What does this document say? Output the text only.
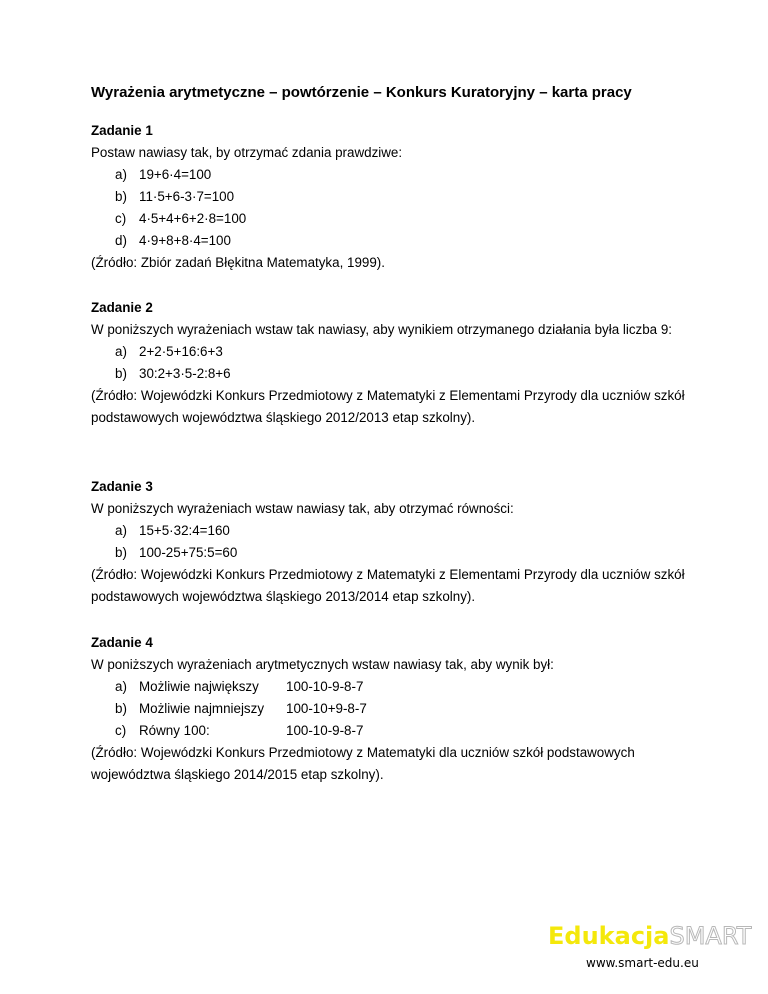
Wyrażenia arytmetyczne – powtórzenie – Konkurs Kuratoryjny – karta pracy
Zadanie 1
Postaw nawiasy tak, by otrzymać zdania prawdziwe:
a) 19+6·4=100
b) 11·5+6-3·7=100
c) 4·5+4+6+2·8=100
d) 4·9+8+8·4=100
(Źródło: Zbiór zadań Błękitna Matematyka, 1999).
Zadanie 2
W poniższych wyrażeniach wstaw tak nawiasy, aby wynikiem otrzymanego działania była liczba 9:
a) 2+2·5+16:6+3
b) 30:2+3·5-2:8+6
(Źródło: Wojewódzki Konkurs Przedmiotowy z Matematyki z Elementami Przyrody dla uczniów szkół podstawowych województwa śląskiego 2012/2013 etap szkolny).
Zadanie 3
W poniższych wyrażeniach wstaw nawiasy tak, aby otrzymać równości:
a) 15+5·32:4=160
b) 100-25+75:5=60
(Źródło: Wojewódzki Konkurs Przedmiotowy z Matematyki z Elementami Przyrody dla uczniów szkół podstawowych województwa śląskiego 2013/2014 etap szkolny).
Zadanie 4
W poniższych wyrażeniach arytmetycznych wstaw nawiasy tak, aby wynik był:
a) Możliwie największy	100-10-9-8-7
b) Możliwie najmniejszy	100-10+9-8-7
c) Równy 100:	100-10-9-8-7
(Źródło: Wojewódzki Konkurs Przedmiotowy z Matematyki dla uczniów szkół podstawowych województwa śląskiego 2014/2015 etap szkolny).
EdukacjaSMART
www.smart-edu.eu
